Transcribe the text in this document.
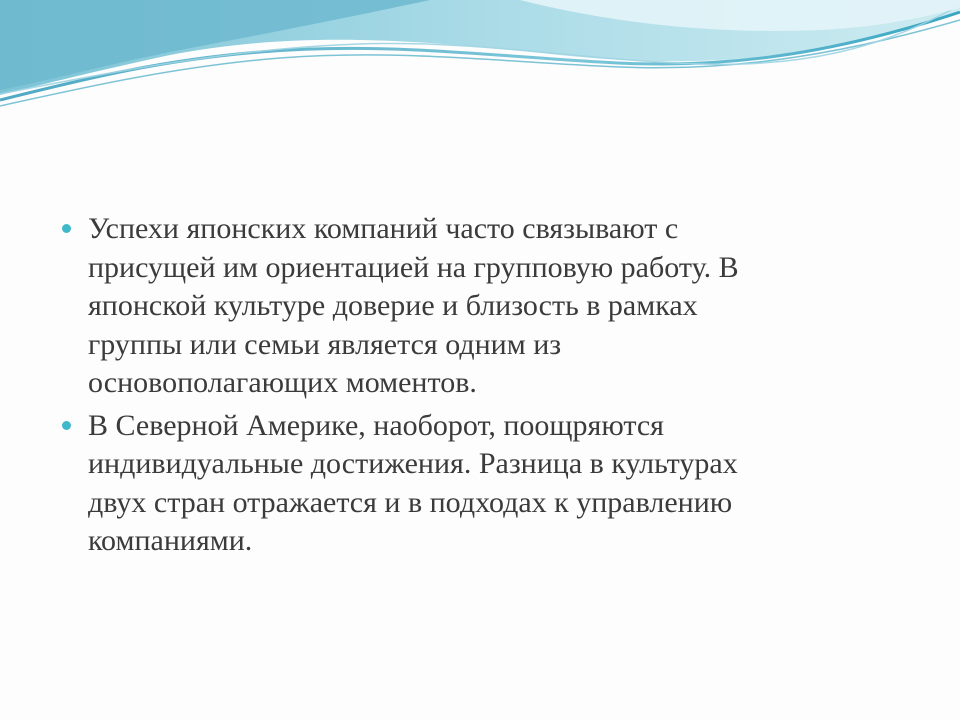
Успехи японских компаний часто связывают с
присущей им ориентацией на групповую работу. В
японской культуре доверие и близость в рамках
группы или семьи является одним из
основополагающих моментов.
В Северной Америке, наоборот, поощряются
индивидуальные достижения. Разница в культурах
двух стран отражается и в подходах к управлению
компаниями.
